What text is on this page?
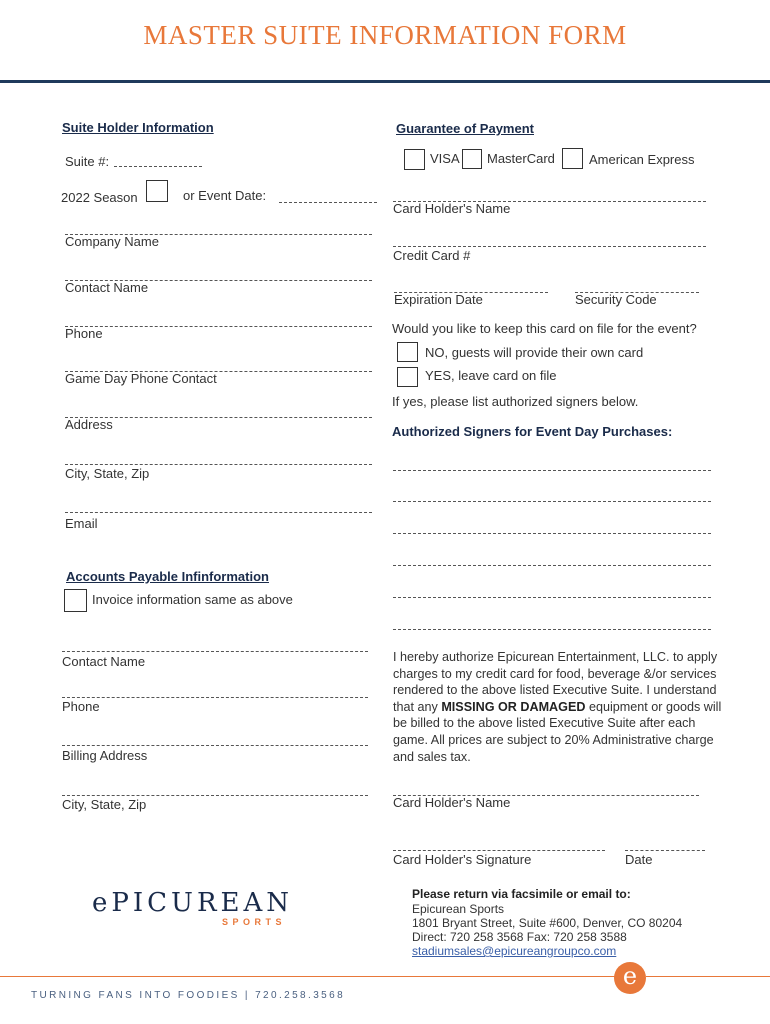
MASTER SUITE INFORMATION FORM
Suite Holder Information
Suite #:
2022 Season	or Event Date:
Company Name
Contact Name
Phone
Game Day Phone Contact
Address
City, State, Zip
Email
Accounts Payable Infinformation
Invoice information same as above
Contact Name
Phone
Billing Address
City, State, Zip
ePICUREAN
SPORTS
Guarantee of Payment
VISA MasterCard	American Express
Card Holder's Name
Credit Card #
Expiration Date	Security Code
Would you like to keep this card on file for the event?
NO, guests will provide their own card
YES, leave card on file
If yes, please list authorized signers below.
Authorized Signers for Event Day Purchases:
I hereby authorize Epicurean Entertainment, LLC. to apply charges to my credit card for food, beverage &/or services rendered to the above listed Executive Suite. I understand that any MISSING OR DAMAGED equipment or goods will be billed to the above listed Executive Suite after each game. All prices are subject to 20% Administrative charge and sales tax.
Card Holder's Name
Card Holder's Signature	Date
Please return via facsimile or email to:
Epicurean Sports
1801 Bryant Street, Suite #600, Denver, CO 80204
Direct: 720 258 3568 Fax: 720 258 3588
stadiumsales@epicureangroupco.com
e
TURNING FANS INTO FOODIES | 720.258.3568
